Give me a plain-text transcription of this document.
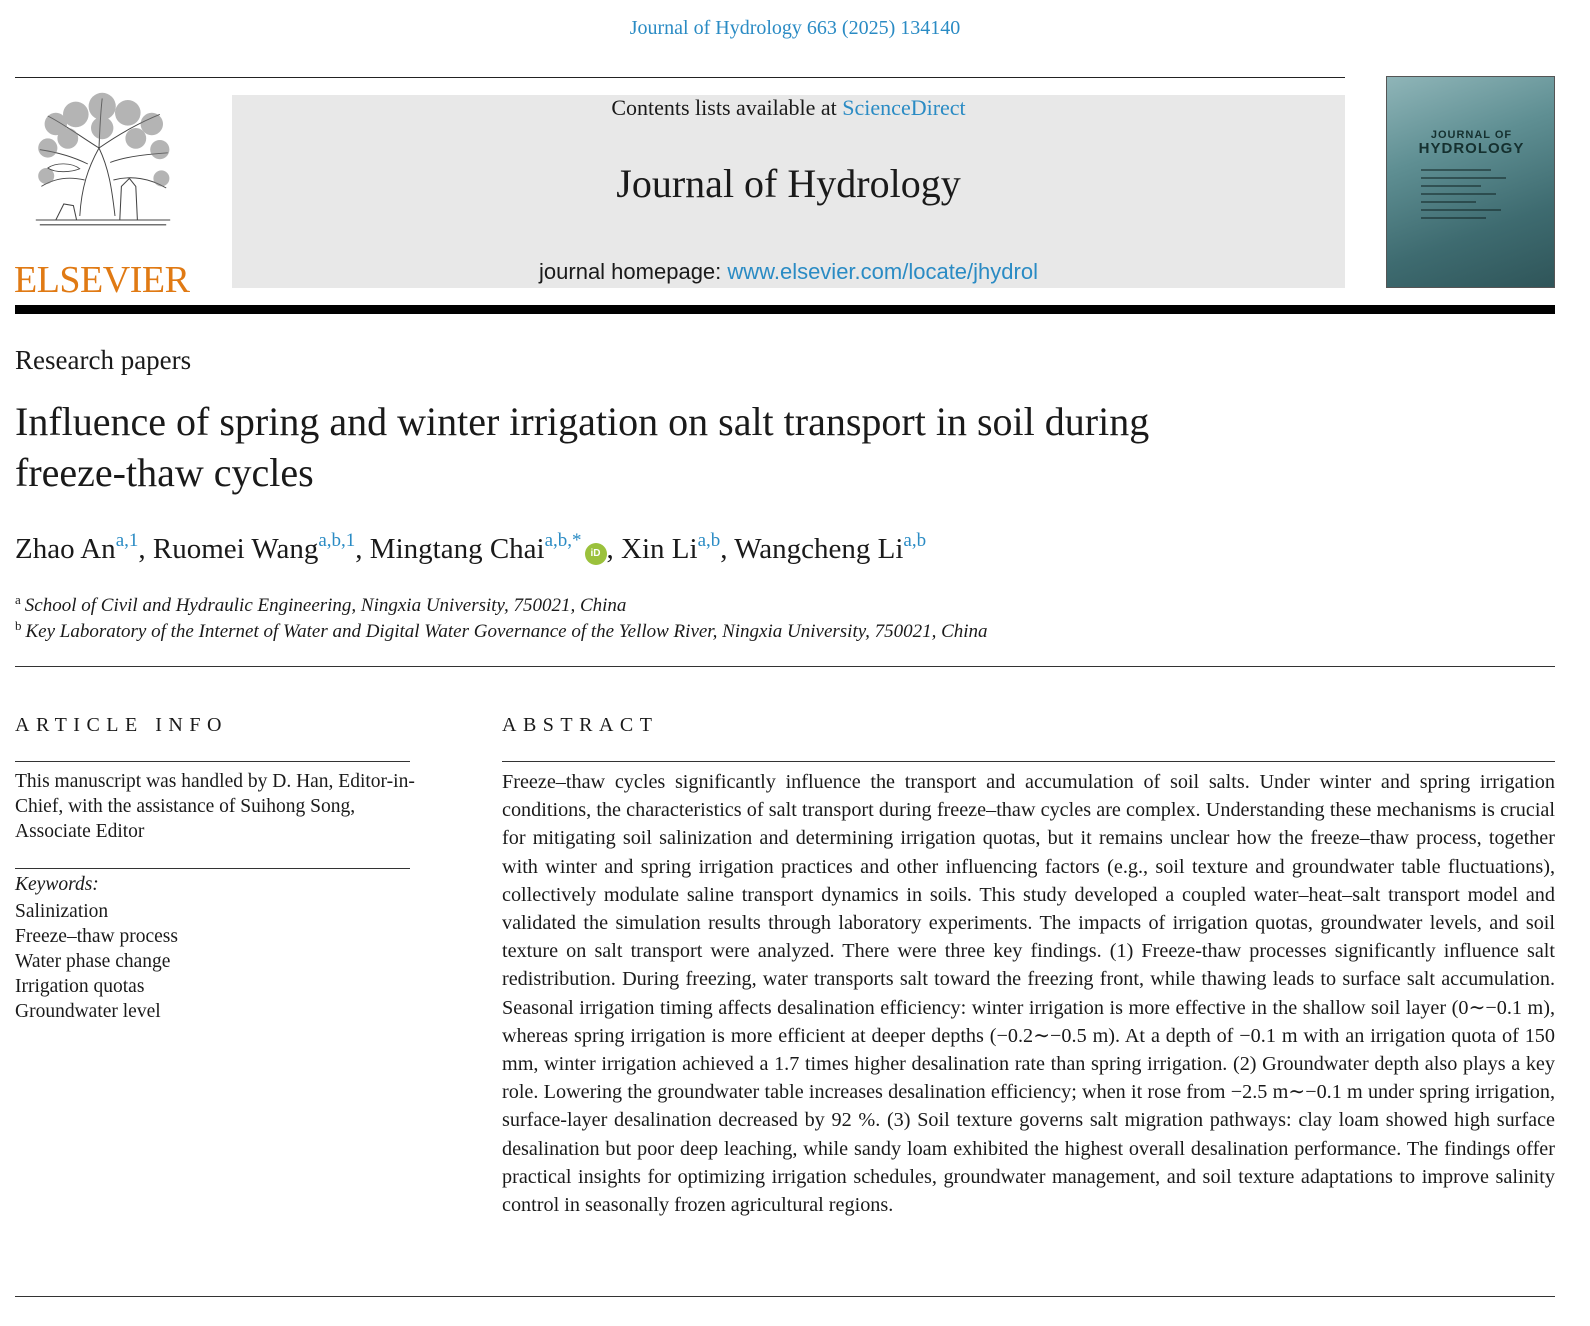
Journal of Hydrology 663 (2025) 134140
ELSEVIER
Contents lists available at ScienceDirect
Journal of Hydrology
journal homepage: www.elsevier.com/locate/jhydrol
JOURNAL OF
HYDROLOGY
Research papers
Influence of spring and winter irrigation on salt transport in soil during
freeze-thaw cycles
Zhao An$^{a,1}$, Ruomei Wang$^{a,b,1}$, Mingtang Chai$^{a,b,*}$iD , Xin Li$^{a,b}$, Wangcheng Li$^{a,b}$
$^a$ School of Civil and Hydraulic Engineering, Ningxia University, 750021, China
$^b$ Key Laboratory of the Internet of Water and Digital Water Governance of the Yellow River, Ningxia University, 750021, China
ARTICLE INFO	ABSTRACT
This manuscript was handled by D. Han, Editor-in-Chief, with the assistance of Suihong Song, Associate Editor
Keywords:
Salinization
Freeze–thaw process
Water phase change
Irrigation quotas
Groundwater level

Freeze–thaw cycles significantly influence the transport and accumulation of soil salts. Under winter and spring irrigation conditions, the characteristics of salt transport during freeze–thaw cycles are complex. Understanding these mechanisms is crucial for mitigating soil salinization and determining irrigation quotas, but it remains unclear how the freeze–thaw process, together with winter and spring irrigation practices and other influencing factors (e.g., soil texture and groundwater table fluctuations), collectively modulate saline transport dynamics in soils. This study developed a coupled water–heat–salt transport model and validated the simulation results through laboratory experiments. The impacts of irrigation quotas, groundwater levels, and soil texture on salt transport were analyzed. There were three key findings. (1) Freeze-thaw processes significantly influence salt redistribution. During freezing, water transports salt toward the freezing front, while thawing leads to surface salt accumulation. Seasonal irrigation timing affects desalination efficiency: winter irrigation is more effective in the shallow soil layer (0∼−0.1 m), whereas spring irrigation is more efficient at deeper depths (−0.2∼−0.5 m). At a depth of −0.1 m with an irrigation quota of 150 mm, winter irrigation achieved a 1.7 times higher desalination rate than spring irrigation. (2) Groundwater depth also plays a key role. Lowering the groundwater table increases desalination efficiency; when it rose from −2.5 m∼−0.1 m under spring irrigation, surface-layer desalination decreased by 92 %. (3) Soil texture governs salt migration pathways: clay loam showed high surface desalination but poor deep leaching, while sandy loam exhibited the highest overall desalination performance. The findings offer practical insights for optimizing irrigation schedules, groundwater management, and soil texture adaptations to improve salinity control in seasonally frozen agricultural regions.
